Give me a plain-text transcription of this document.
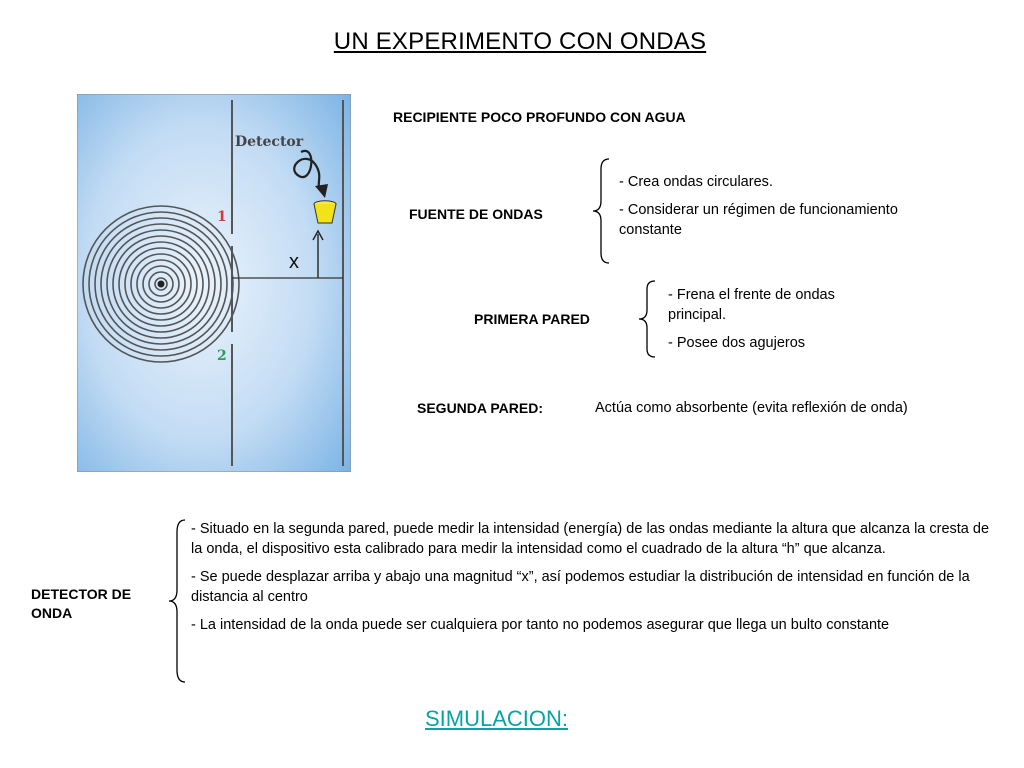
UN EXPERIMENTO CON ONDAS
x
1
2
Detector
RECIPIENTE POCO PROFUNDO CON AGUA
FUENTE DE ONDAS

- Crea ondas circulares.

- Considerar un régimen de funcionamiento constante

PRIMERA PARED

- Frena el frente de ondas principal.

- Posee dos agujeros

SEGUNDA PARED:	Actúa como absorbente (evita reflexión de onda)
DETECTOR DE ONDA

- Situado en la segunda pared, puede medir la intensidad (energía) de las ondas mediante la altura que alcanza la cresta de la onda, el dispositivo esta calibrado para medir la intensidad como el cuadrado de la altura “h” que alcanza.

- Se puede desplazar arriba y abajo una magnitud “x”, así podemos estudiar la distribución de intensidad en función de la distancia al centro

- La intensidad de la onda puede ser cualquiera por tanto no podemos asegurar que llega un bulto constante

SIMULACION:
